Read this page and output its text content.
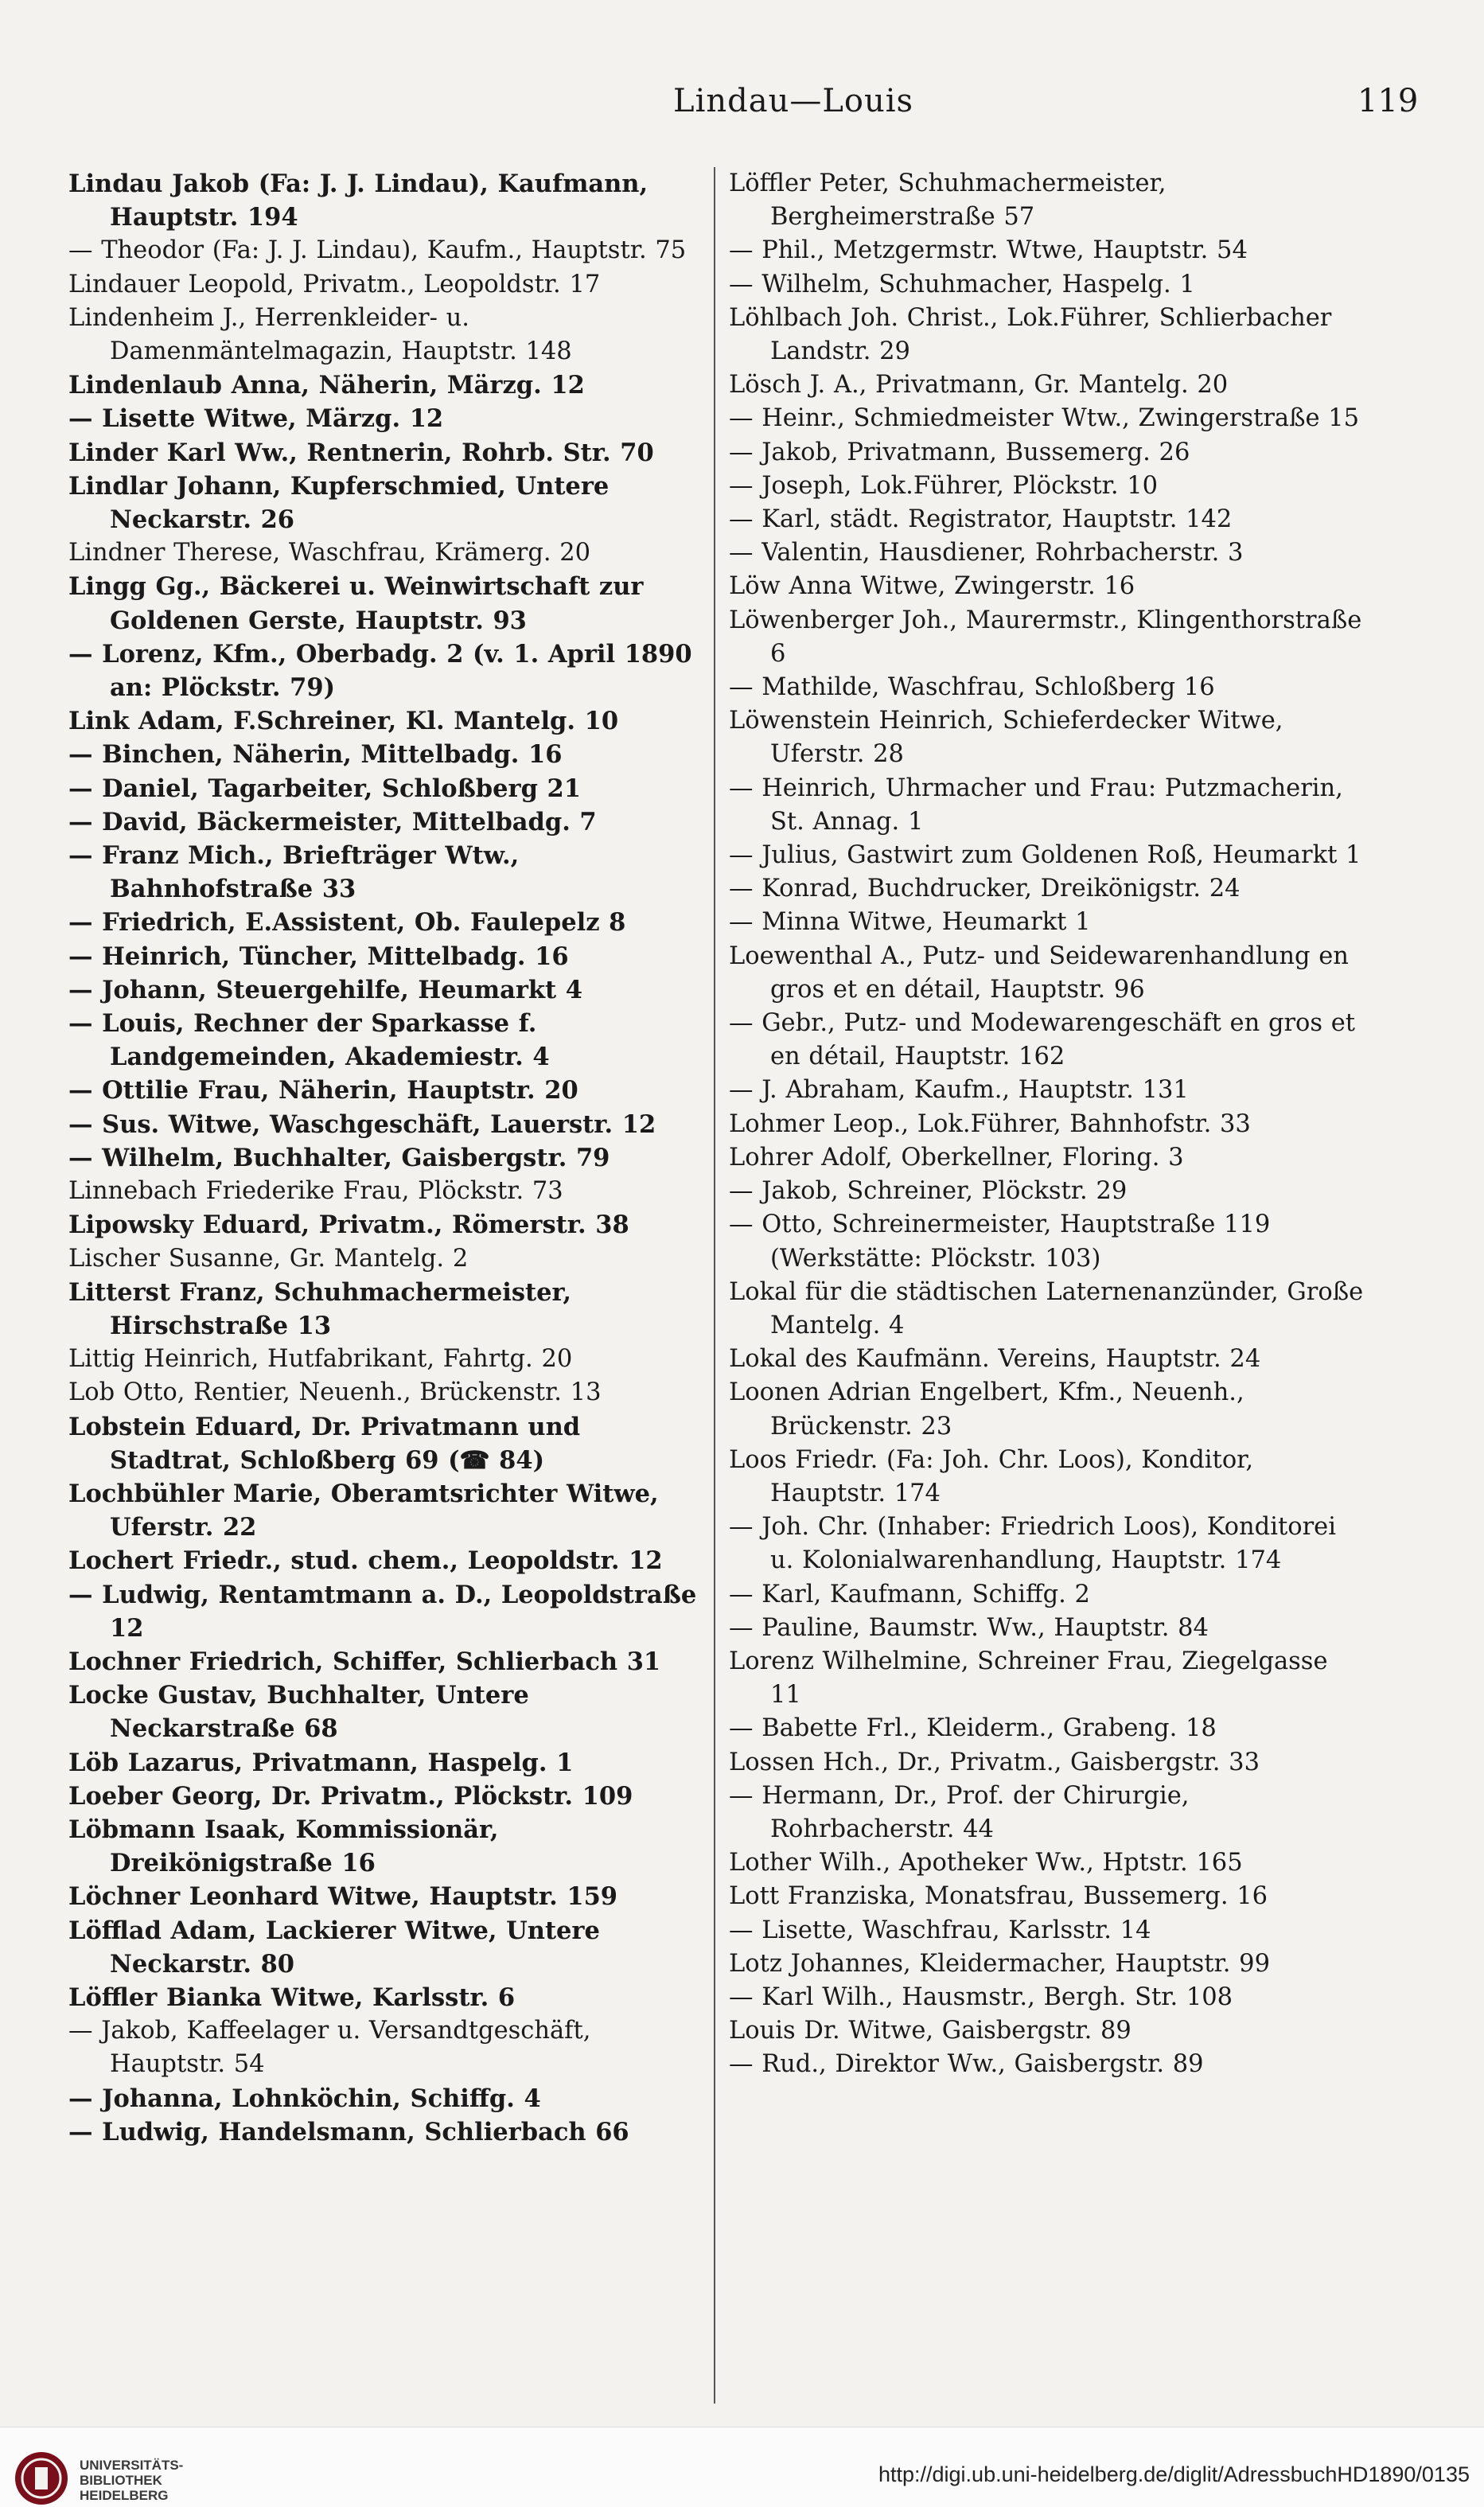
Lindau—Louis	119
Lindau Jakob (Fa: J. J. Lindau), Kaufmann, Hauptstr. 194
— Theodor (Fa: J. J. Lindau), Kaufm., Hauptstr. 75
Lindauer Leopold, Privatm., Leopoldstr. 17
Lindenheim J., Herrenkleider- u. Damenmäntelmagazin, Hauptstr. 148
Lindenlaub Anna, Näherin, Märzg. 12
— Lisette Witwe, Märzg. 12
Linder Karl Ww., Rentnerin, Rohrb. Str. 70
Lindlar Johann, Kupferschmied, Untere Neckarstr. 26
Lindner Therese, Waschfrau, Krämerg. 20
Lingg Gg., Bäckerei u. Weinwirtschaft zur Goldenen Gerste, Hauptstr. 93
— Lorenz, Kfm., Oberbadg. 2 (v. 1. April 1890 an: Plöckstr. 79)
Link Adam, F.Schreiner, Kl. Mantelg. 10
— Binchen, Näherin, Mittelbadg. 16
— Daniel, Tagarbeiter, Schloßberg 21
— David, Bäckermeister, Mittelbadg. 7
— Franz Mich., Briefträger Wtw., Bahnhofstraße 33
— Friedrich, E.Assistent, Ob. Faulepelz 8
— Heinrich, Tüncher, Mittelbadg. 16
— Johann, Steuergehilfe, Heumarkt 4
— Louis, Rechner der Sparkasse f. Landgemeinden, Akademiestr. 4
— Ottilie Frau, Näherin, Hauptstr. 20
— Sus. Witwe, Waschgeschäft, Lauerstr. 12
— Wilhelm, Buchhalter, Gaisbergstr. 79
Linnebach Friederike Frau, Plöckstr. 73
Lipowsky Eduard, Privatm., Römerstr. 38
Lischer Susanne, Gr. Mantelg. 2
Litterst Franz, Schuhmachermeister, Hirschstraße 13
Littig Heinrich, Hutfabrikant, Fahrtg. 20
Lob Otto, Rentier, Neuenh., Brückenstr. 13
Lobstein Eduard, Dr. Privatmann und Stadtrat, Schloßberg 69 (☎ 84)
Lochbühler Marie, Oberamtsrichter Witwe, Uferstr. 22
Lochert Friedr., stud. chem., Leopoldstr. 12
— Ludwig, Rentamtmann a. D., Leopoldstraße 12
Lochner Friedrich, Schiffer, Schlierbach 31
Locke Gustav, Buchhalter, Untere Neckarstraße 68
Löb Lazarus, Privatmann, Haspelg. 1
Loeber Georg, Dr. Privatm., Plöckstr. 109
Löbmann Isaak, Kommissionär, Dreikönigstraße 16
Löchner Leonhard Witwe, Hauptstr. 159
Löfflad Adam, Lackierer Witwe, Untere Neckarstr. 80
Löffler Bianka Witwe, Karlsstr. 6
— Jakob, Kaffeelager u. Versandtgeschäft, Hauptstr. 54
— Johanna, Lohnköchin, Schiffg. 4
— Ludwig, Handelsmann, Schlierbach 66
Löffler Peter, Schuhmachermeister, Bergheimerstraße 57
— Phil., Metzgermstr. Wtwe, Hauptstr. 54
— Wilhelm, Schuhmacher, Haspelg. 1
Löhlbach Joh. Christ., Lok.Führer, Schlierbacher Landstr. 29
Lösch J. A., Privatmann, Gr. Mantelg. 20
— Heinr., Schmiedmeister Wtw., Zwingerstraße 15
— Jakob, Privatmann, Bussemerg. 26
— Joseph, Lok.Führer, Plöckstr. 10
— Karl, städt. Registrator, Hauptstr. 142
— Valentin, Hausdiener, Rohrbacherstr. 3
Löw Anna Witwe, Zwingerstr. 16
Löwenberger Joh., Maurermstr., Klingenthorstraße 6
— Mathilde, Waschfrau, Schloßberg 16
Löwenstein Heinrich, Schieferdecker Witwe, Uferstr. 28
— Heinrich, Uhrmacher und Frau: Putzmacherin, St. Annag. 1
— Julius, Gastwirt zum Goldenen Roß, Heumarkt 1
— Konrad, Buchdrucker, Dreikönigstr. 24
— Minna Witwe, Heumarkt 1
Loewenthal A., Putz- und Seidewarenhandlung en gros et en détail, Hauptstr. 96
— Gebr., Putz- und Modewarengeschäft en gros et en détail, Hauptstr. 162
— J. Abraham, Kaufm., Hauptstr. 131
Lohmer Leop., Lok.Führer, Bahnhofstr. 33
Lohrer Adolf, Oberkellner, Floring. 3
— Jakob, Schreiner, Plöckstr. 29
— Otto, Schreinermeister, Hauptstraße 119 (Werkstätte: Plöckstr. 103)
Lokal für die städtischen Laternenanzünder, Große Mantelg. 4
Lokal des Kaufmänn. Vereins, Hauptstr. 24
Loonen Adrian Engelbert, Kfm., Neuenh., Brückenstr. 23
Loos Friedr. (Fa: Joh. Chr. Loos), Konditor, Hauptstr. 174
— Joh. Chr. (Inhaber: Friedrich Loos), Konditorei u. Kolonialwarenhandlung, Hauptstr. 174
— Karl, Kaufmann, Schiffg. 2
— Pauline, Baumstr. Ww., Hauptstr. 84
Lorenz Wilhelmine, Schreiner Frau, Ziegelgasse 11
— Babette Frl., Kleiderm., Grabeng. 18
Lossen Hch., Dr., Privatm., Gaisbergstr. 33
— Hermann, Dr., Prof. der Chirurgie, Rohrbacherstr. 44
Lother Wilh., Apotheker Ww., Hptstr. 165
Lott Franziska, Monatsfrau, Bussemerg. 16
— Lisette, Waschfrau, Karlsstr. 14
Lotz Johannes, Kleidermacher, Hauptstr. 99
— Karl Wilh., Hausmstr., Bergh. Str. 108
Louis Dr. Witwe, Gaisbergstr. 89
— Rud., Direktor Ww., Gaisbergstr. 89
UNIVERSITÄTS-
BIBLIOTHEK
HEIDELBERG
http://digi.ub.uni-heidelberg.de/diglit/AdressbuchHD1890/0135
